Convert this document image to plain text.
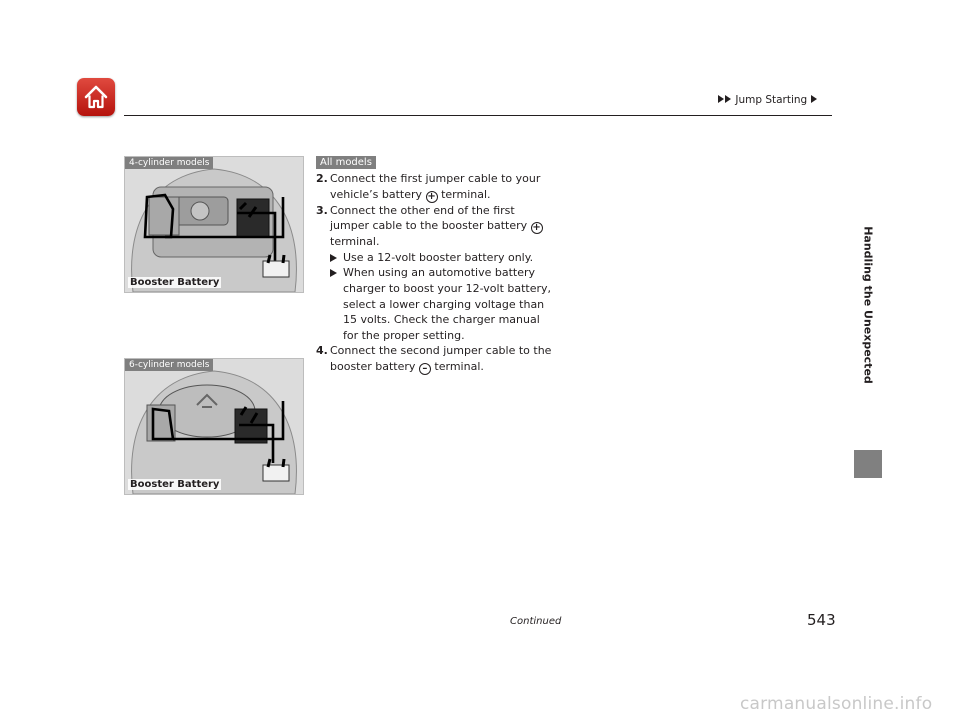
Jump Starting
Handling the Unexpected
4-cylinder models
Booster Battery
6-cylinder models
Booster Battery
All models
2. Connect the first jumper cable to your vehicle’s battery + terminal.
3. Connect the other end of the first jumper cable to the booster battery + terminal.
Use a 12-volt booster battery only.
When using an automotive battery charger to boost your 12-volt battery, select a lower charging voltage than 15 volts. Check the charger manual for the proper setting.
4. Connect the second jumper cable to the booster battery – terminal.
Continued	543
carmanualsonline.info
